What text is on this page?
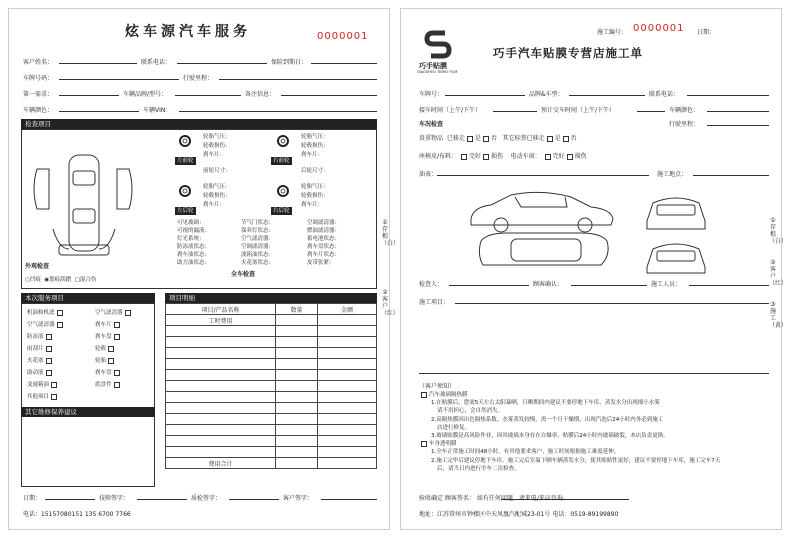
炫车源汽车服务	0000001
客户姓名：	联系电话：	保险到期日：
车牌号码：	行驶里程：
第一需求：	车辆品牌/型号：	备注信息：
车辆颜色：	车辆VIN：
检查项目
左前轮
轮胎气压：
轮毂损伤：
刹车片：
前轮尺寸：
右前轮
轮胎气压：
轮毂损伤：
刹车片：
后轮尺寸：
左后轮
轮胎气压：
轮毂损伤：
刹车片：
右后轮
轮胎气压：
轮毂损伤：
刹车片：
可见玻璃：
可视的漏液：
灯光系统：
防冻液状态：
刹车油状态：
助力油状态：
节气门状态：
保养灯状态：
空气滤清器：
空调滤清器：
波箱油状态：
火花塞状态：
空调滤清器：
燃油滤清器：
蓄电池状态：
刹车盘状态：
刹车片状态：
皮带张紧：
全车检查
外观检查
○凹痕 ◉划痕刮蹭 □混合伤
本次服务项目
机油和机滤
空气滤清器
防冻液
雨刮片
火花塞
助动液
变速箱油
其他项目
空气滤清器
刹车片
刹车盘
轮毂
轮胎
刹车盘
底盘件
其它维修保养建议
项目明细
项目/产品名称	数量	金额
工时费用		

费用合计		
日期：	技师签字：	质检签字：	客户签字：
电话：15157080151 135 6700 7766
①存根（白）
②客户（红）
巧手贴膜
QIAOSHOU TIEMO FILM
施工编号： 0000001 日期：
巧手汽车贴膜专营店施工单
车牌号：	品牌&车型：	联系电话：
接车时间（上午/下午）	预计交车时间（上午/下午）	车辆颜色：
车况检查	行驶里程：
贵重物品 已移走 是 否 其它标签已移走 是 否
座椅皮/布料： 完好 损伤 电动车窗： 完好 损伤
油表：	施工地点：
检查人：	顾客确认：	施工人员：
施工项目：
（客户须知）
汽车玻璃隔热膜
1.在贴膜后，您需5天左右太阳暴晒，日晒期间内建议不要停地下车库、蒸发水分出现细小水雾
请不用担心，会自然消失。
2.高隔热膜因出色隔热系数、水雾蒸发较慢，需一个月干燥期，出现汽泡后24小时内务必到施工
店进行修复。
3.玻璃贴膜是高风险作业，因其玻璃本身存在自爆率，贴膜后24小时内玻璃破裂，本店负责更换。
车身透明膜
1.全车正常施工时间48小时，有其他要求客户，施工时间根据施工难度延伸。
2.施工完毕后建议停地下车库，施工完后室温下晒车辆蒸发水分，使其贴贴性更好，建议不要停地下车库，施工完车7天
后，请当日内进行全车二次检查。
验收确定 顾客签名： 如有任何问题，请来电/来店咨询。
地址：江苏常州市钟楼区中天凤凰汽配城23-01号 电话：0519-89199890
①存根（白）
②客户（红）
③施工（黄）
